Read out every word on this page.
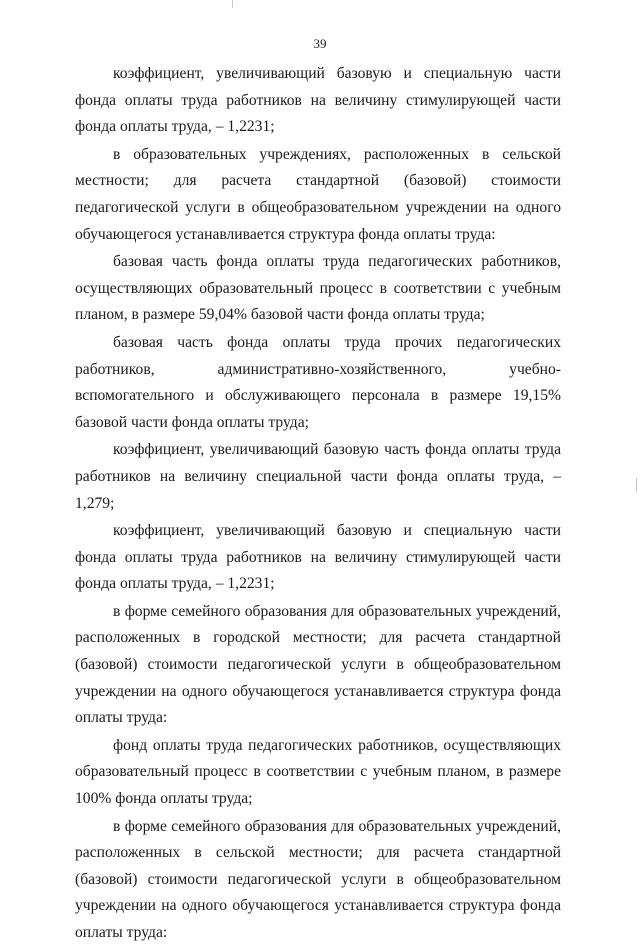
39

коэффициент, увеличивающий базовую и специальную части фонда оплаты труда работников на величину стимулирующей части фонда оплаты труда, – 1,2231;

в образовательных учреждениях, расположенных в сельской местности; для расчета стандартной (базовой) стоимости педагогической услуги в общеобразовательном учреждении на одного обучающегося устанавливается структура фонда оплаты труда:

базовая часть фонда оплаты труда педагогических работников, осуществляющих образовательный процесс в соответствии с учебным планом, в размере 59,04% базовой части фонда оплаты труда;

базовая часть фонда оплаты труда прочих педагогических работников, административно-хозяйственного, учебно-вспомогательного и обслуживающего персонала в размере 19,15% базовой части фонда оплаты труда;

коэффициент, увеличивающий базовую часть фонда оплаты труда работников на величину специальной части фонда оплаты труда, – 1,279;

коэффициент, увеличивающий базовую и специальную части фонда оплаты труда работников на величину стимулирующей части фонда оплаты труда, – 1,2231;

в форме семейного образования для образовательных учреждений, расположенных в городской местности; для расчета стандартной (базовой) стоимости педагогической услуги в общеобразовательном учреждении на одного обучающегося устанавливается структура фонда оплаты труда:

фонд оплаты труда педагогических работников, осуществляющих образовательный процесс в соответствии с учебным планом, в размере 100% фонда оплаты труда;

в форме семейного образования для образовательных учреждений, расположенных в сельской местности; для расчета стандартной (базовой) стоимости педагогической услуги в общеобразовательном учреждении на одного обучающегося устанавливается структура фонда оплаты труда:
